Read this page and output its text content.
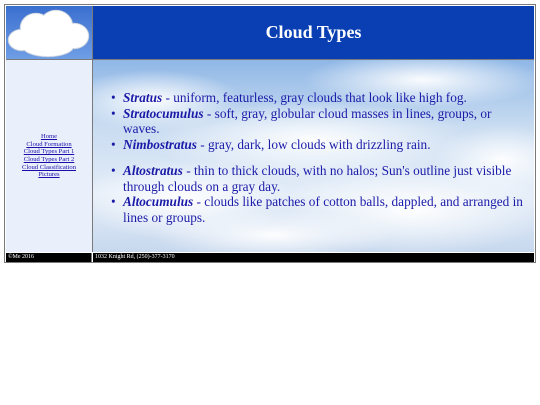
Cloud Types
Home
Cloud Formation
Cloud Types Part 1
Cloud Types Part 2
Cloud Classification
Pictures
• Stratus - uniform, featurless, gray clouds that look like high fog.
• Stratocumulus - soft, gray, globular cloud masses in lines, groups, or waves.
• Nimbostratus - gray, dark, low clouds with drizzling rain.
• Altostratus - thin to thick clouds, with no halos; Sun's outline just visible through clouds on a gray day.
• Altocumulus - clouds like patches of cotton balls, dappled, and arranged in lines or groups.
©Me 2016	1032 Knight Rd, (250)-377-3170
